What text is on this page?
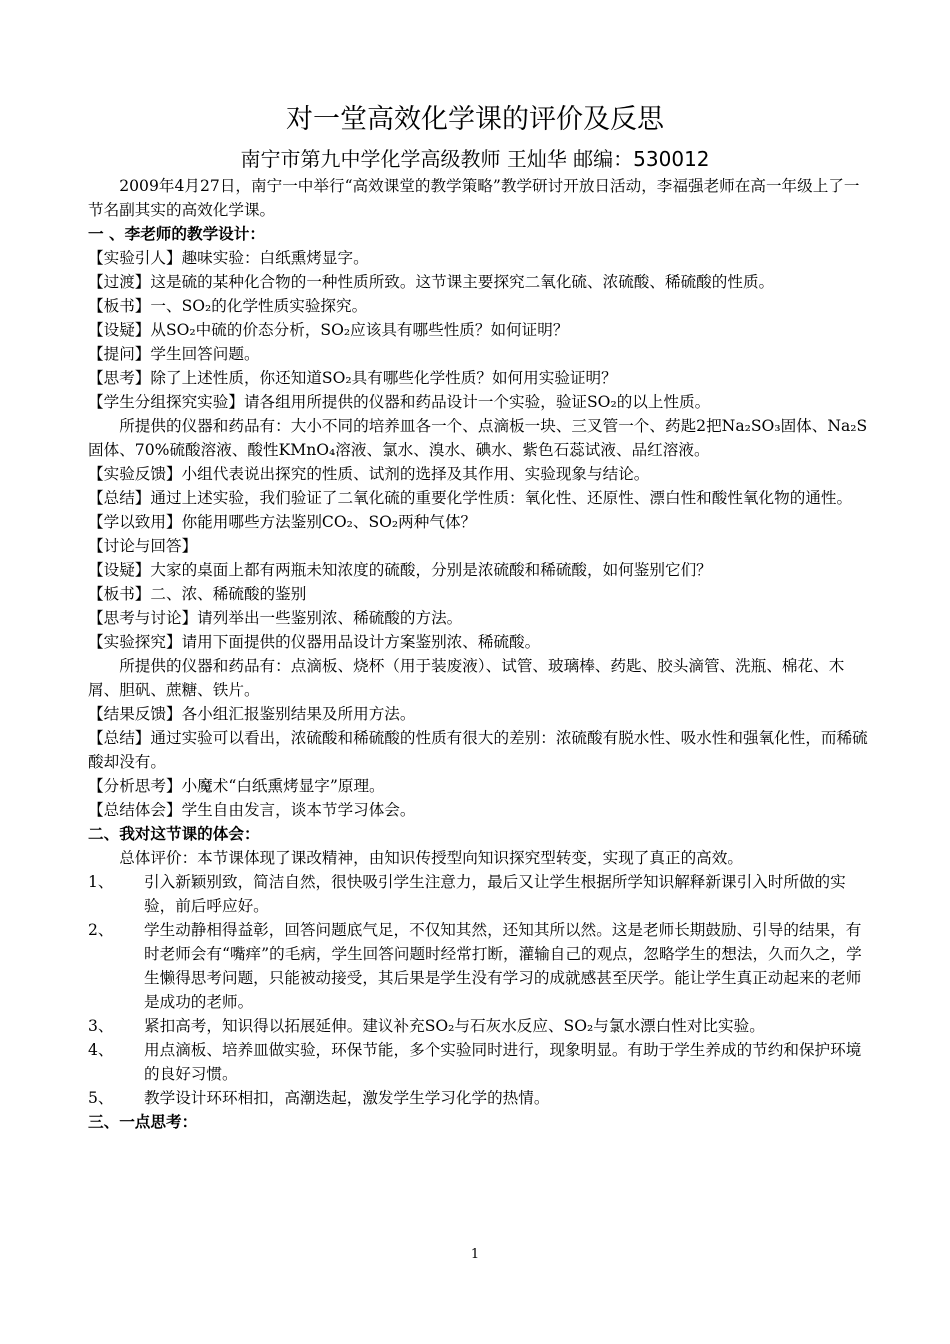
对一堂高效化学课的评价及反思
南宁市第九中学化学高级教师 王灿华 邮编：530012

2009年4月27日，南宁一中举行“高效课堂的教学策略”教学研讨开放日活动，李福强老师在高一年级上了一节名副其实的高效化学课。

一 、李老师的教学设计：

【实验引人】趣味实验：白纸熏烤显字。

【过渡】这是硫的某种化合物的一种性质所致。这节课主要探究二氧化硫、浓硫酸、稀硫酸的性质。

【板书】一、SO₂的化学性质实验探究。

【设疑】从SO₂中硫的价态分析，SO₂应该具有哪些性质？如何证明？

【提问】学生回答问题。

【思考】除了上述性质，你还知道SO₂具有哪些化学性质？如何用实验证明？

【学生分组探究实验】请各组用所提供的仪器和药品设计一个实验，验证SO₂的以上性质。

所提供的仪器和药品有：大小不同的培养皿各一个、点滴板一块、三叉管一个、药匙2把Na₂SO₃固体、Na₂S固体、70%硫酸溶液、酸性KMnO₄溶液、氯水、溴水、碘水、紫色石蕊试液、品红溶液。

【实验反馈】小组代表说出探究的性质、试剂的选择及其作用、实验现象与结论。

【总结】通过上述实验，我们验证了二氧化硫的重要化学性质：氧化性、还原性、漂白性和酸性氧化物的通性。

【学以致用】你能用哪些方法鉴别CO₂、SO₂两种气体？

【讨论与回答】

【设疑】大家的桌面上都有两瓶未知浓度的硫酸，分别是浓硫酸和稀硫酸，如何鉴别它们？

【板书】二、浓、稀硫酸的鉴别

【思考与讨论】请列举出一些鉴别浓、稀硫酸的方法。

【实验探究】请用下面提供的仪器用品设计方案鉴别浓、稀硫酸。

所提供的仪器和药品有：点滴板、烧杯（用于装废液）、试管、玻璃棒、药匙、胶头滴管、洗瓶、棉花、木屑、胆矾、蔗糖、铁片。

【结果反馈】各小组汇报鉴别结果及所用方法。

【总结】通过实验可以看出，浓硫酸和稀硫酸的性质有很大的差别：浓硫酸有脱水性、吸水性和强氧化性，而稀硫酸却没有。

【分析思考】小魔术“白纸熏烤显字”原理。

【总结体会】学生自由发言，谈本节学习体会。

二、我对这节课的体会：

总体评价：本节课体现了课改精神，由知识传授型向知识探究型转变，实现了真正的高效。

1、	引入新颖别致，简洁自然，很快吸引学生注意力，最后又让学生根据所学知识解释新课引入时所做的实验，前后呼应好。
2、	学生动静相得益彰，回答问题底气足，不仅知其然，还知其所以然。这是老师长期鼓励、引导的结果，有时老师会有“嘴痒”的毛病，学生回答问题时经常打断，灌输自己的观点，忽略学生的想法，久而久之，学生懒得思考问题，只能被动接受，其后果是学生没有学习的成就感甚至厌学。能让学生真正动起来的老师是成功的老师。
3、	紧扣高考，知识得以拓展延伸。建议补充SO₂与石灰水反应、SO₂与氯水漂白性对比实验。
4、	用点滴板、培养皿做实验，环保节能，多个实验同时进行，现象明显。有助于学生养成的节约和保护环境的良好习惯。
5、	教学设计环环相扣，高潮迭起，激发学生学习化学的热情。

三、一点思考：

1
